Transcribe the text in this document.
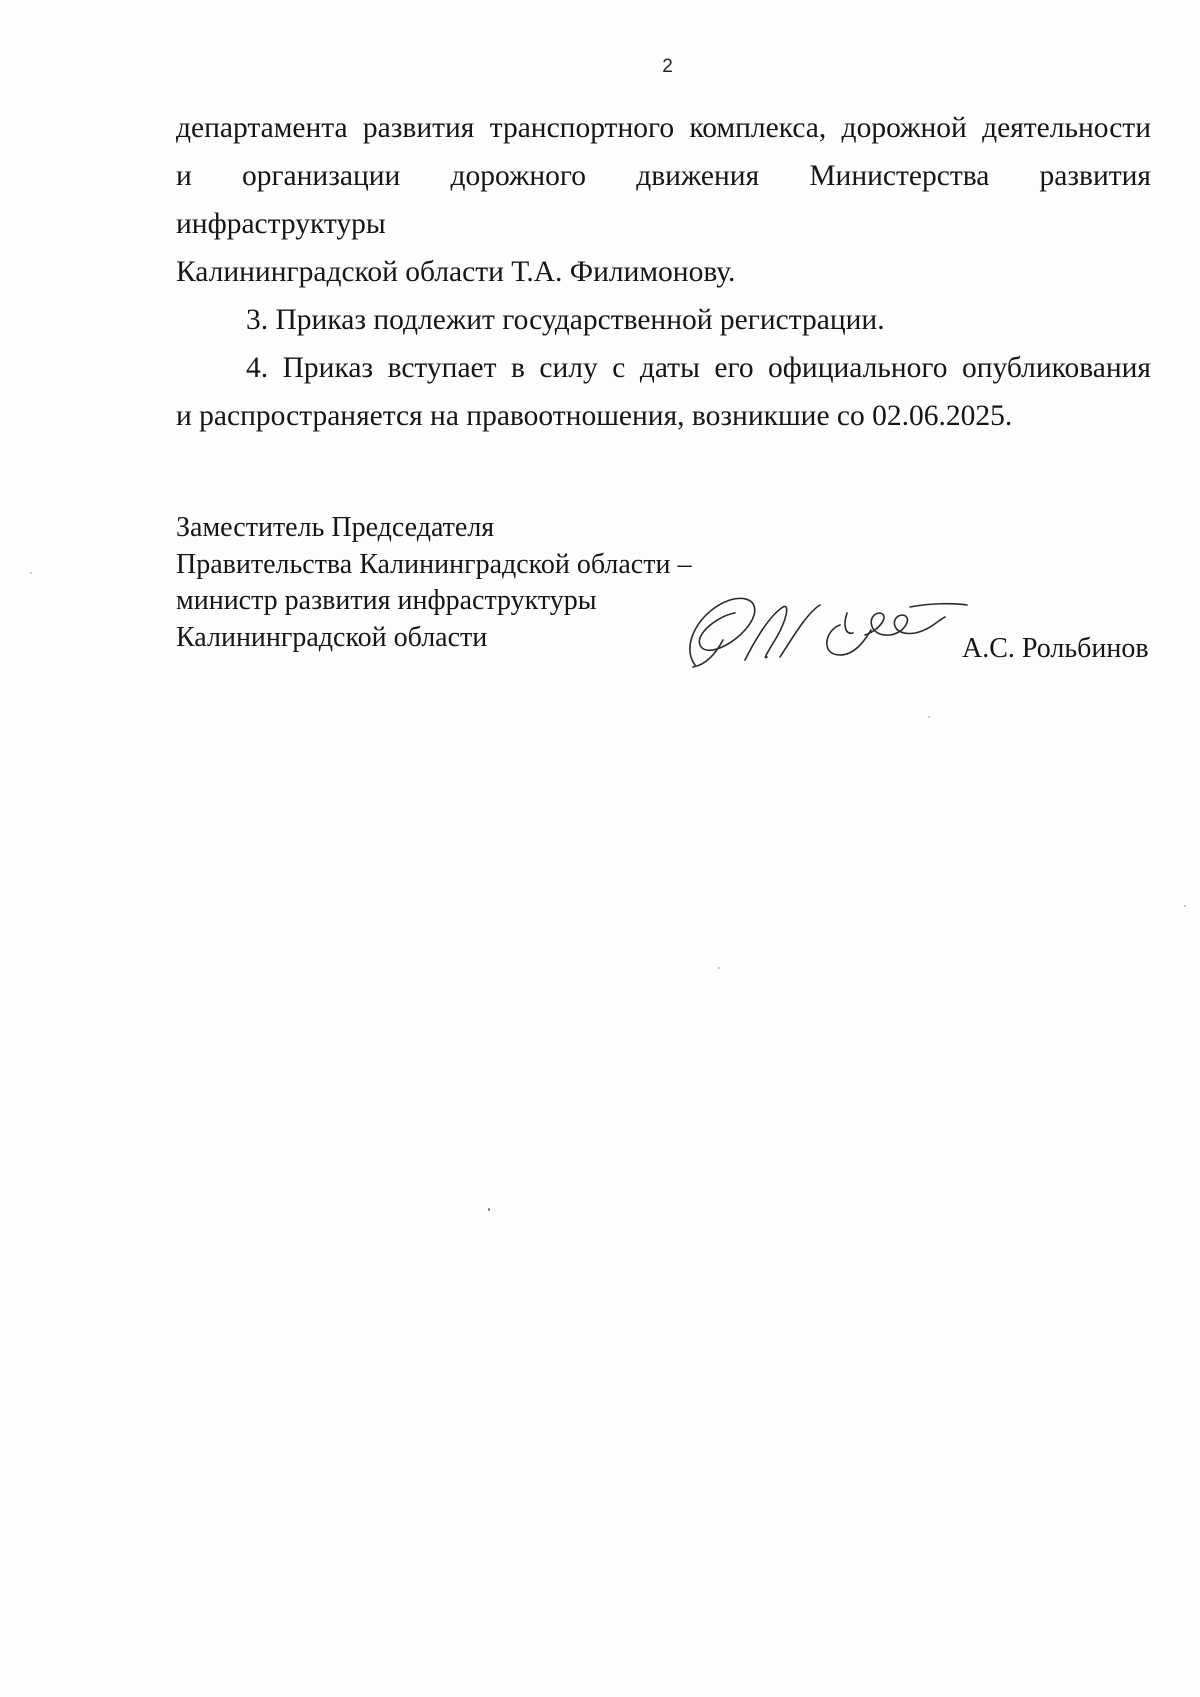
2

департамента развития транспортного комплекса, дорожной деятельности
и организации дорожного движения Министерства развития инфраструктуры
Калининградской области Т.А. Филимонову.

3. Приказ подлежит государственной регистрации.

4. Приказ вступает в силу с даты его официального опубликования
и распространяется на правоотношения, возникшие со 02.06.2025.

Заместитель Председателя
Правительства Калининградской области –
министр развития инфраструктуры
Калининградской области	А.С. Рольбинов
